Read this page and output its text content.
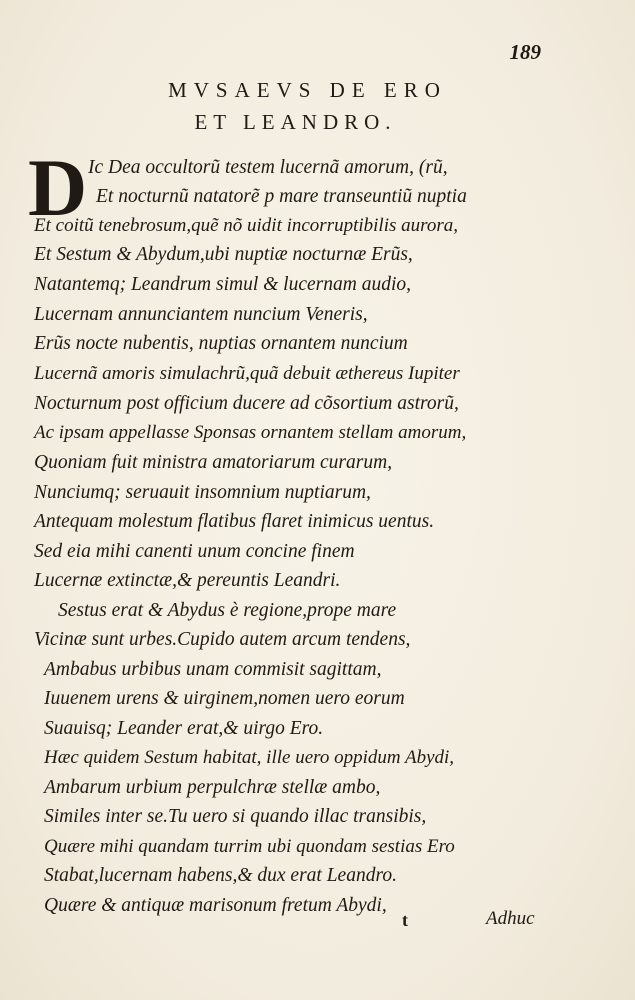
189
MVSAEVS DE ERO
ET LEANDRO.
D Ic Dea occultorũ testem lucernã amorum, (rũ,
Et nocturnũ natatorẽ p mare transeuntiũ nuptia
Et coitũ tenebrosum,quẽ nõ uidit incorruptibilis aurora,
Et Sestum & Abydum,ubi nuptiæ nocturnæ Erũs,
Natantemq; Leandrum simul & lucernam audio,
Lucernam annunciantem nuncium Veneris,
Erũs nocte nubentis, nuptias ornantem nuncium
Lucernã amoris simulachrũ,quã debuit æthereus Iupiter
Nocturnum post officium ducere ad cõsortium astrorũ,
Ac ipsam appellasse Sponsas ornantem stellam amorum,
Quoniam fuit ministra amatoriarum curarum,
Nunciumq; seruauit insomnium nuptiarum,
Antequam molestum flatibus flaret inimicus uentus.
Sed eia mihi canenti unum concine finem
Lucernæ extinctæ,& pereuntis Leandri.
Sestus erat & Abydus è regione,prope mare
Vicinæ sunt urbes.Cupido autem arcum tendens,
Ambabus urbibus unam commisit sagittam,
Iuuenem urens & uirginem,nomen uero eorum
Suauisq; Leander erat,& uirgo Ero.
Hæc quidem Sestum habitat, ille uero oppidum Abydi,
Ambarum urbium perpulchræ stellæ ambo,
Similes inter se.Tu uero si quando illac transibis,
Quære mihi quandam turrim ubi quondam sestias Ero
Stabat,lucernam habens,& dux erat Leandro.
Quære & antiquæ marisonum fretum Abydi,
t	Adhuc
